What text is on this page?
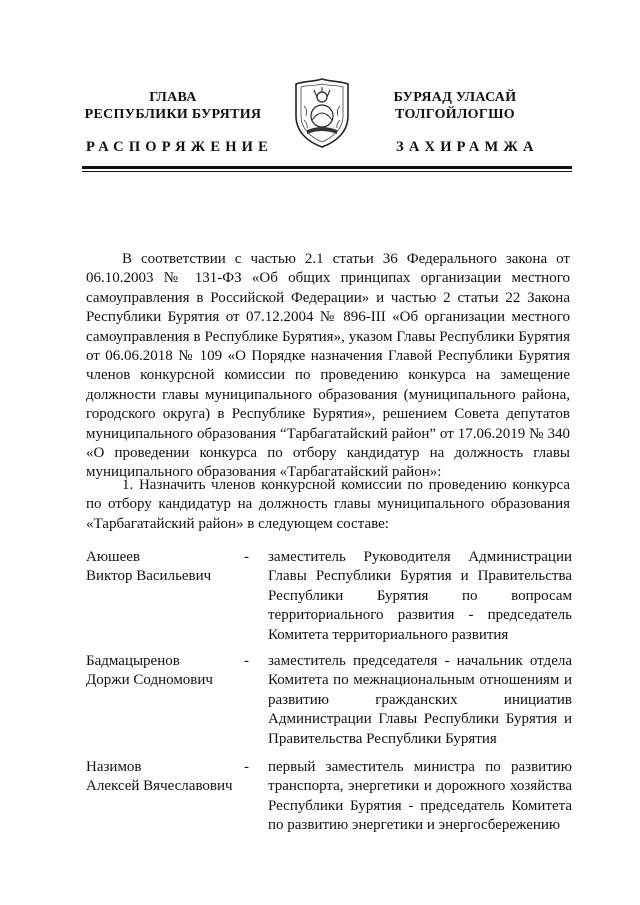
ГЛАВА
РЕСПУБЛИКИ БУРЯТИЯ
БУРЯАД УЛАСАЙ
ТОЛГОЙЛОГШО
РАСПОРЯЖЕНИЕ	ЗАХИРАМЖА
В соответствии с частью 2.1 статьи 36 Федерального закона от 06.10.2003 № 131-ФЗ «Об общих принципах организации местного самоуправления в Российской Федерации» и частью 2 статьи 22 Закона Республики Бурятия от 07.12.2004 № 896-III «Об организации местного самоуправления в Республике Бурятия», указом Главы Республики Бурятия от 06.06.2018 № 109 «О Порядке назначения Главой Республики Бурятия членов конкурсной комиссии по проведению конкурса на замещение должности главы муниципального образования (муниципального района, городского округа) в Республике Бурятия», решением Совета депутатов муниципального образования “Тарбагатайский район” от 17.06.2019 № 340 «О проведении конкурса по отбору кандидатур на должность главы муниципального образования «Тарбагатайский район»:
1. Назначить членов конкурсной комиссии по проведению конкурса по отбору кандидатур на должность главы муниципального образования «Тарбагатайский район» в следующем составе:
Аюшеев
Виктор Васильевич
- заместитель Руководителя Администрации Главы Республики Бурятия и Правительства Республики Бурятия по вопросам территориального развития - председатель Комитета территориального развития
Бадмацыренов
Доржи Содномович
- заместитель председателя - начальник отдела Комитета по межнациональным отношениям и развитию гражданских инициатив Администрации Главы Республики Бурятия и Правительства Республики Бурятия
Назимов
Алексей Вячеславович
- первый заместитель министра по развитию транспорта, энергетики и дорожного хозяйства Республики Бурятия - председатель Комитета по развитию энергетики и энергосбережению
